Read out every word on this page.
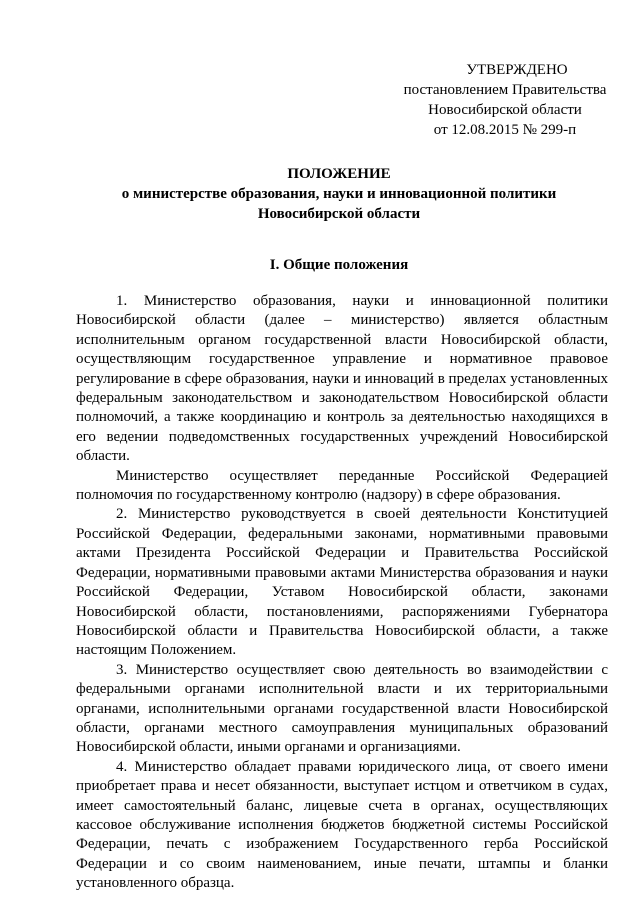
УТВЕРЖДЕНО
постановлением Правительства
Новосибирской области
от 12.08.2015 № 299-п
ПОЛОЖЕНИЕ
о министерстве образования, науки и инновационной политики
Новосибирской области
I. Общие положения

1. Министерство образования, науки и инновационной политики Новосибирской области (далее – министерство) является областным исполнительным органом государственной власти Новосибирской области, осуществляющим государственное управление и нормативное правовое регулирование в сфере образования, науки и инноваций в пределах установленных федеральным законодательством и законодательством Новосибирской области полномочий, а также координацию и контроль за деятельностью находящихся в его ведении подведомственных государственных учреждений Новосибирской области.

Министерство осуществляет переданные Российской Федерацией полномочия по государственному контролю (надзору) в сфере образования.

2. Министерство руководствуется в своей деятельности Конституцией Российской Федерации, федеральными законами, нормативными правовыми актами Президента Российской Федерации и Правительства Российской Федерации, нормативными правовыми актами Министерства образования и науки Российской Федерации, Уставом Новосибирской области, законами Новосибирской области, постановлениями, распоряжениями Губернатора Новосибирской области и Правительства Новосибирской области, а также настоящим Положением.

3. Министерство осуществляет свою деятельность во взаимодействии с федеральными органами исполнительной власти и их территориальными органами, исполнительными органами государственной власти Новосибирской области, органами местного самоуправления муниципальных образований Новосибирской области, иными органами и организациями.

4. Министерство обладает правами юридического лица, от своего имени приобретает права и несет обязанности, выступает истцом и ответчиком в судах, имеет самостоятельный баланс, лицевые счета в органах, осуществляющих кассовое обслуживание исполнения бюджетов бюджетной системы Российской Федерации, печать с изображением Государственного герба Российской Федерации и со своим наименованием, иные печати, штампы и бланки установленного образца.
